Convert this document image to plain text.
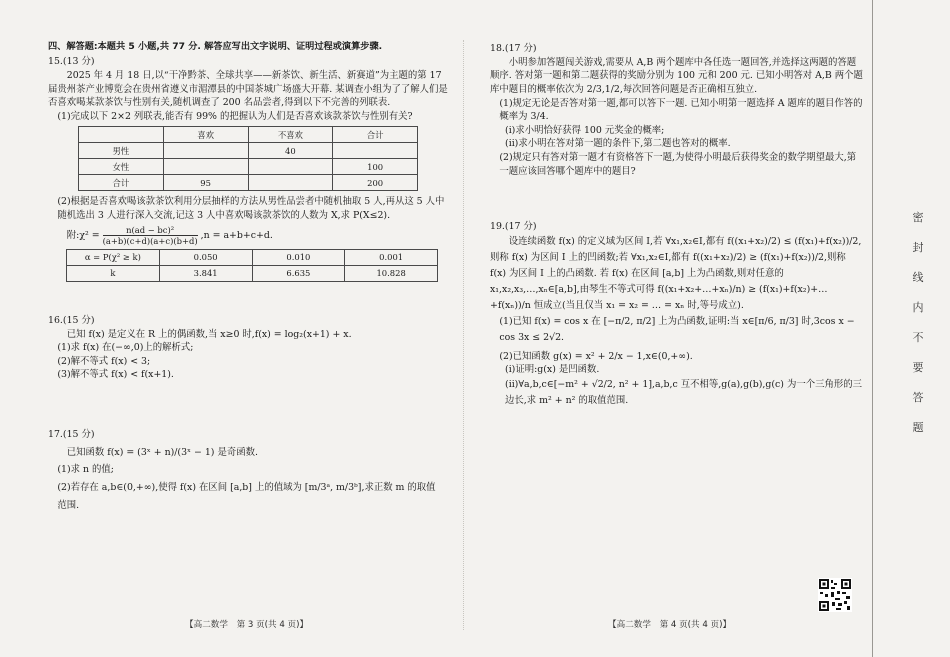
四、解答题:本题共 5 小题,共 77 分. 解答应写出文字说明、证明过程或演算步骤.

15.(13 分)

2025 年 4 月 18 日,以“干净黔茶、全球共享——新茶饮、新生活、新赛道”为主题的第 17 届贵州茶产业博览会在贵州省遵义市湄潭县的中国茶城广场盛大开幕. 某调查小组为了了解人们是否喜欢喝某款茶饮与性别有关,随机调查了 200 名品尝者,得到以下不完善的列联表.

(1)完成以下 2×2 列联表,能否有 99% 的把握认为人们是否喜欢该款茶饮与性别有关?

	喜欢	不喜欢	合计
男性		40	
女性			100
合计	95		200

(2)根据是否喜欢喝该款茶饮利用分层抽样的方法从男性品尝者中随机抽取 5 人,再从这 5 人中随机选出 3 人进行深入交流,记这 3 人中喜欢喝该款茶饮的人数为 X,求 P(X≤2).

附:χ² = $\frac{\text{n(ad − bc)²}}{(a+b)(c+d)(a+c)(b+d)} ,n = a+b+c+d$.

α = P(χ² ≥ k)	0.050	0.010	0.001
k	3.841	6.635	10.828

16.(15 分)

已知 f(x) 是定义在 R 上的偶函数,当 x≥0 时,f(x) = log₂(x+1) + x.

(1)求 f(x) 在(−∞,0)上的解析式;

(2)解不等式 f(x) < 3;

(3)解不等式 f(x) < f(x+1).

17.(15 分)

已知函数 f(x) = (3ˣ + n)/(3ˣ − 1) 是奇函数.

(1)求 n 的值;

(2)若存在 a,b∈(0,+∞),使得 f(x) 在区间 [a,b] 上的值域为 [m/3ᵃ, m/3ᵇ],求正数 m 的取值

范围.

18.(17 分)

小明参加答题闯关游戏,需要从 A,B 两个题库中各任选一题回答,并选择这两题的答题顺序. 答对第一题和第二题获得的奖励分别为 100 元和 200 元. 已知小明答对 A,B 两个题库中题目的概率依次为 2/3,1/2,每次回答问题是否正确相互独立.

(1)规定无论是否答对第一题,都可以答下一题. 已知小明第一题选择 A 题库的题目作答的概率为 3/4.

(ⅰ)求小明恰好获得 100 元奖金的概率;

(ⅱ)求小明在答对第一题的条件下,第二题也答对的概率.

(2)规定只有答对第一题才有资格答下一题,为使得小明最后获得奖金的数学期望最大,第一题应该回答哪个题库中的题目?

19.(17 分)

设连续函数 f(x) 的定义域为区间 I,若 ∀x₁,x₂∈I,都有 f((x₁+x₂)/2) ≤ (f(x₁)+f(x₂))/2,则称 f(x) 为区间 I 上的凹函数;若 ∀x₁,x₂∈I,都有 f((x₁+x₂)/2) ≥ (f(x₁)+f(x₂))/2,则称 f(x) 为区间 I 上的凸函数. 若 f(x) 在区间 [a,b] 上为凸函数,则对任意的 x₁,x₂,x₃,…,xₙ∈[a,b],由琴生不等式可得 f((x₁+x₂+…+xₙ)/n) ≥ (f(x₁)+f(x₂)+…+f(xₙ))/n 恒成立(当且仅当 x₁ = x₂ = … = xₙ 时,等号成立).

(1)已知 f(x) = cos x 在 [−π/2, π/2] 上为凸函数,证明:当 x∈[π/6, π/3] 时,3cos x − cos 3x ≤ 2√2.

(2)已知函数 g(x) = x² + 2/x − 1,x∈(0,+∞).

(ⅰ)证明:g(x) 是凹函数.

(ⅱ)∀a,b,c∈[−m² + √2/2, n² + 1],a,b,c 互不相等,g(a),g(b),g(c) 为一个三角形的三边长,求 m² + n² 的取值范围.

【高二数学　第 3 页(共 4 页)】	【高二数学　第 4 页(共 4 页)】
密
封
线
内
不
要
答
题
